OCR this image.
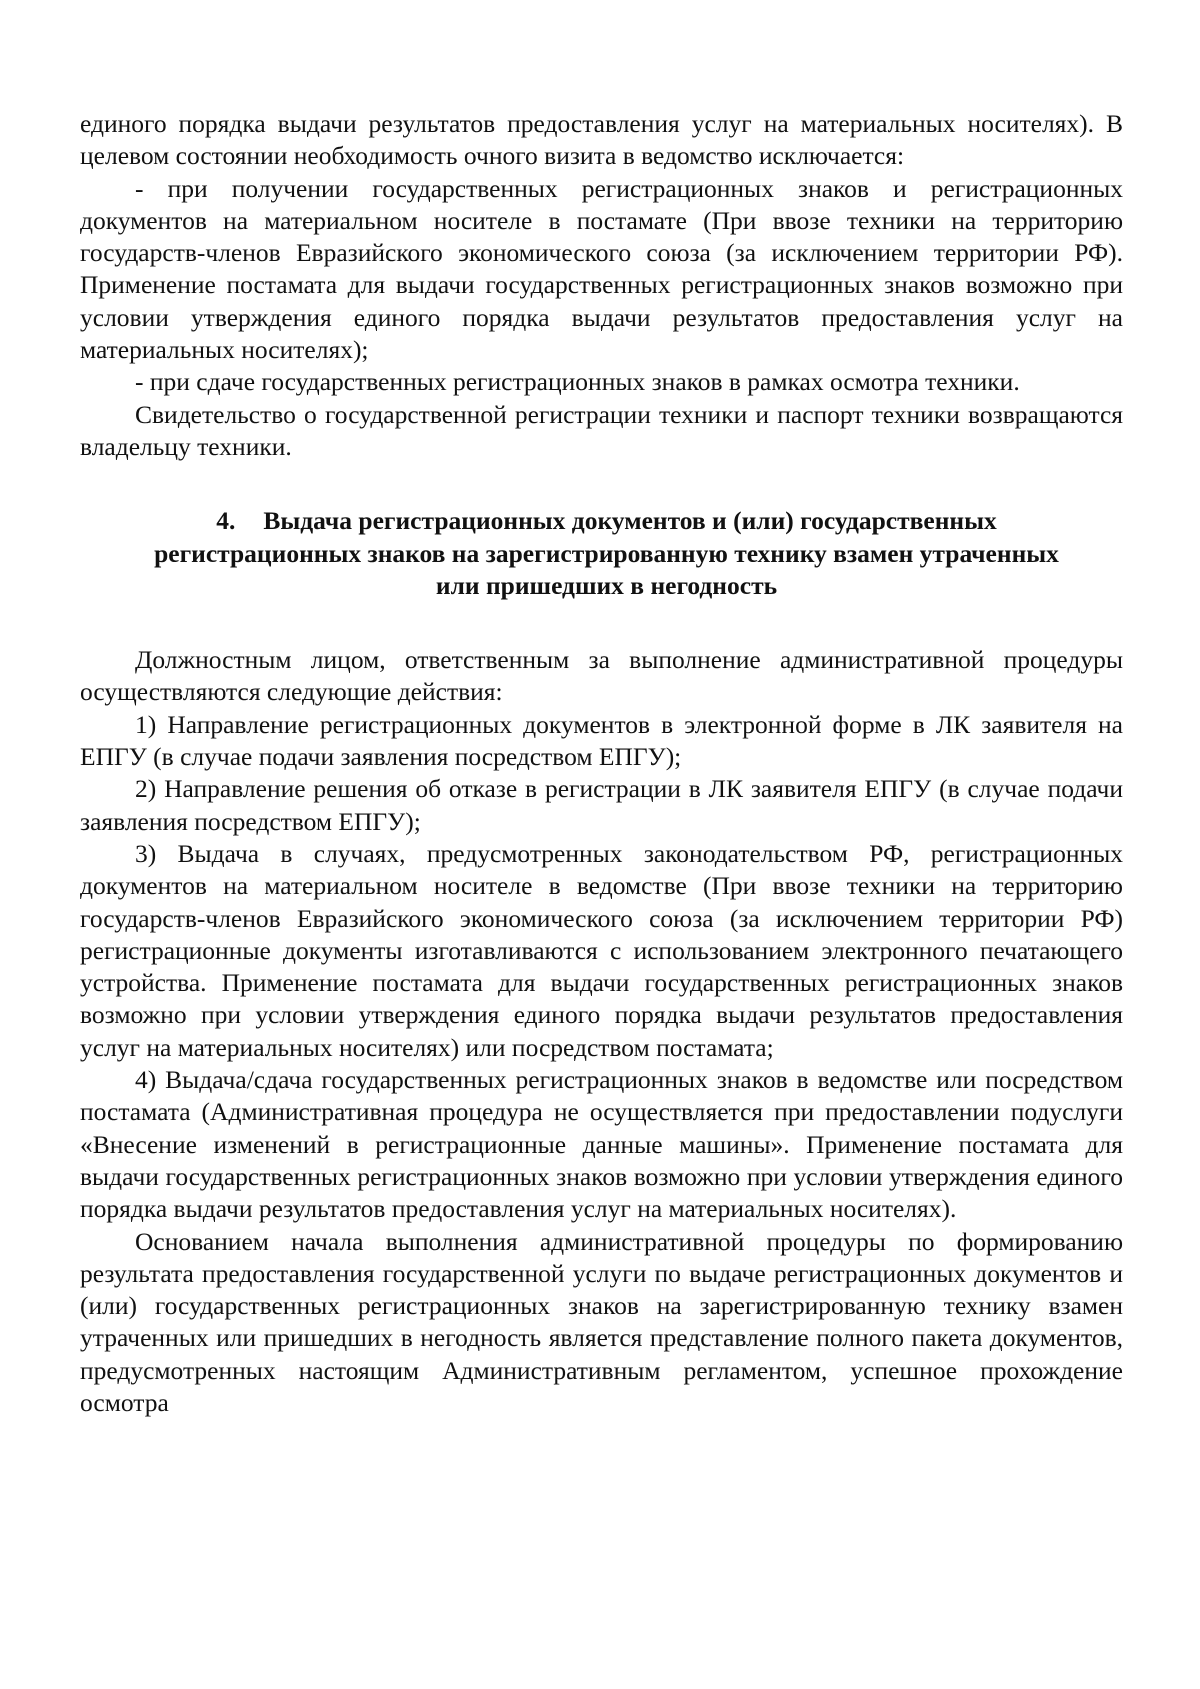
единого порядка выдачи результатов предоставления услуг на материальных носителях). В целевом состоянии необходимость очного визита в ведомство исключается:

- при получении государственных регистрационных знаков и регистрационных документов на материальном носителе в постамате (При ввозе техники на территорию государств-членов Евразийского экономического союза (за исключением территории РФ). Применение постамата для выдачи государственных регистрационных знаков возможно при условии утверждения единого порядка выдачи результатов предоставления услуг на материальных носителях);

- при сдаче государственных регистрационных знаков в рамках осмотра техники.

Свидетельство о государственной регистрации техники и паспорт техники возвращаются владельцу техники.

4. Выдача регистрационных документов и (или) государственных регистрационных знаков на зарегистрированную технику взамен утраченных или пришедших в негодность

Должностным лицом, ответственным за выполнение административной процедуры осуществляются следующие действия:

1) Направление регистрационных документов в электронной форме в ЛК заявителя на ЕПГУ (в случае подачи заявления посредством ЕПГУ);

2) Направление решения об отказе в регистрации в ЛК заявителя ЕПГУ (в случае подачи заявления посредством ЕПГУ);

3) Выдача в случаях, предусмотренных законодательством РФ, регистрационных документов на материальном носителе в ведомстве (При ввозе техники на территорию государств-членов Евразийского экономического союза (за исключением территории РФ) регистрационные документы изготавливаются с использованием электронного печатающего устройства. Применение постамата для выдачи государственных регистрационных знаков возможно при условии утверждения единого порядка выдачи результатов предоставления услуг на материальных носителях) или посредством постамата;

4) Выдача/сдача государственных регистрационных знаков в ведомстве или посредством постамата (Административная процедура не осуществляется при предоставлении подуслуги «Внесение изменений в регистрационные данные машины». Применение постамата для выдачи государственных регистрационных знаков возможно при условии утверждения единого порядка выдачи результатов предоставления услуг на материальных носителях).

Основанием начала выполнения административной процедуры по формированию результата предоставления государственной услуги по выдаче регистрационных документов и (или) государственных регистрационных знаков на зарегистрированную технику взамен утраченных или пришедших в негодность является представление полного пакета документов, предусмотренных настоящим Административным регламентом, успешное прохождение осмотра
